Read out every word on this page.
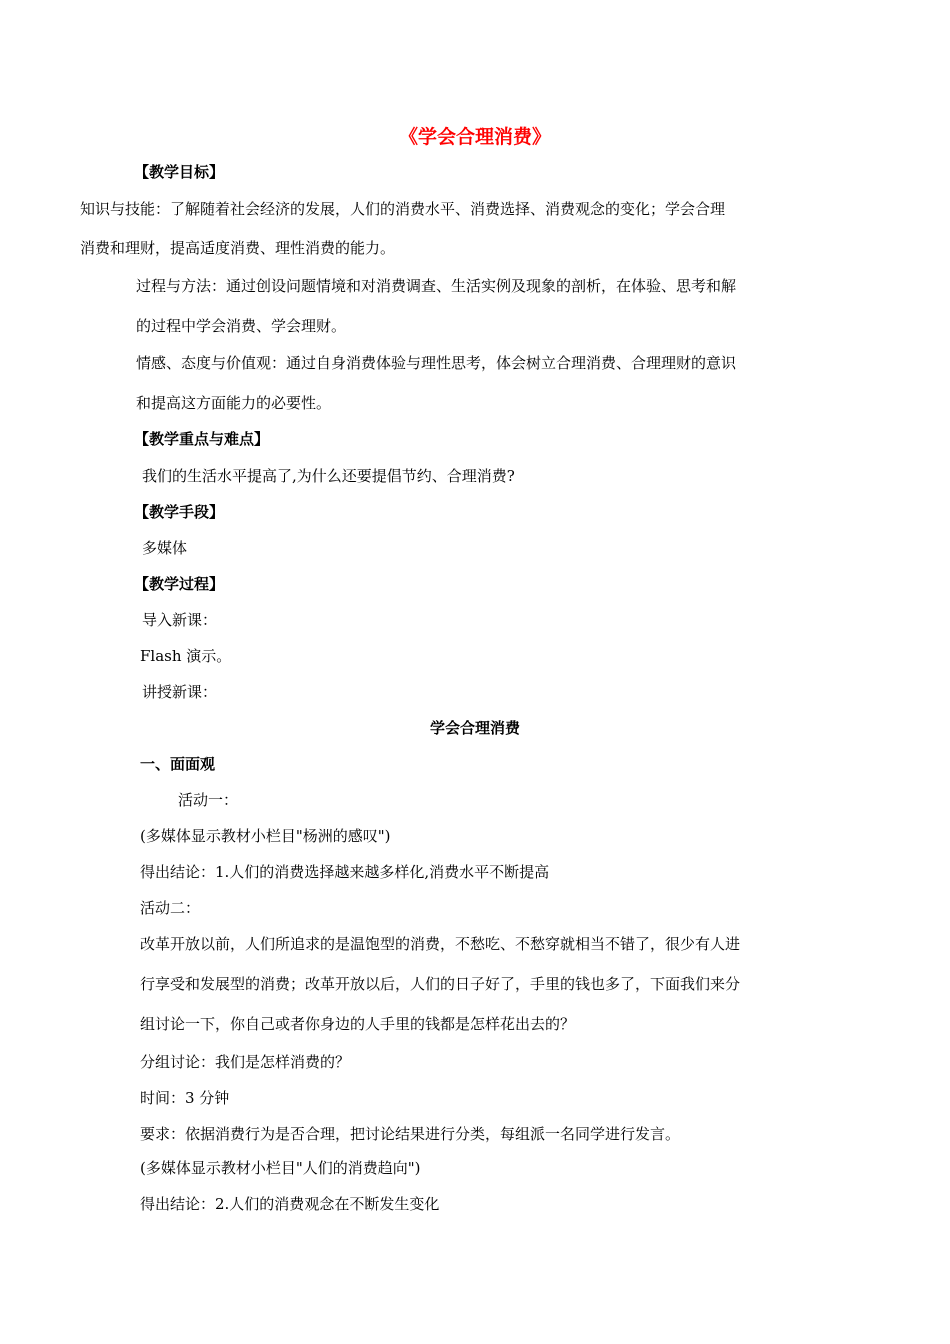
《学会合理消费》
【教学目标】
知识与技能：了解随着社会经济的发展，人们的消费水平、消费选择、消费观念的变化；学会合理
消费和理财，提高适度消费、理性消费的能力。
过程与方法：通过创设问题情境和对消费调查、生活实例及现象的剖析，在体验、思考和解
的过程中学会消费、学会理财。
情感、态度与价值观：通过自身消费体验与理性思考，体会树立合理消费、合理理财的意识
和提高这方面能力的必要性。
【教学重点与难点】
我们的生活水平提高了,为什么还要提倡节约、合理消费?
【教学手段】
多媒体
【教学过程】
导入新课：
Flash 演示。
讲授新课：
学会合理消费
一、面面观
活动一：
(多媒体显示教材小栏目"杨洲的感叹")
得出结论：1.人们的消费选择越来越多样化,消费水平不断提高
活动二：
改革开放以前，人们所追求的是温饱型的消费，不愁吃、不愁穿就相当不错了，很少有人进
行享受和发展型的消费；改革开放以后，人们的日子好了，手里的钱也多了，下面我们来分
组讨论一下，你自己或者你身边的人手里的钱都是怎样花出去的？
分组讨论：我们是怎样消费的？
时间：3 分钟
要求：依据消费行为是否合理，把讨论结果进行分类，每组派一名同学进行发言。
(多媒体显示教材小栏目"人们的消费趋向")
得出结论：2.人们的消费观念在不断发生变化
